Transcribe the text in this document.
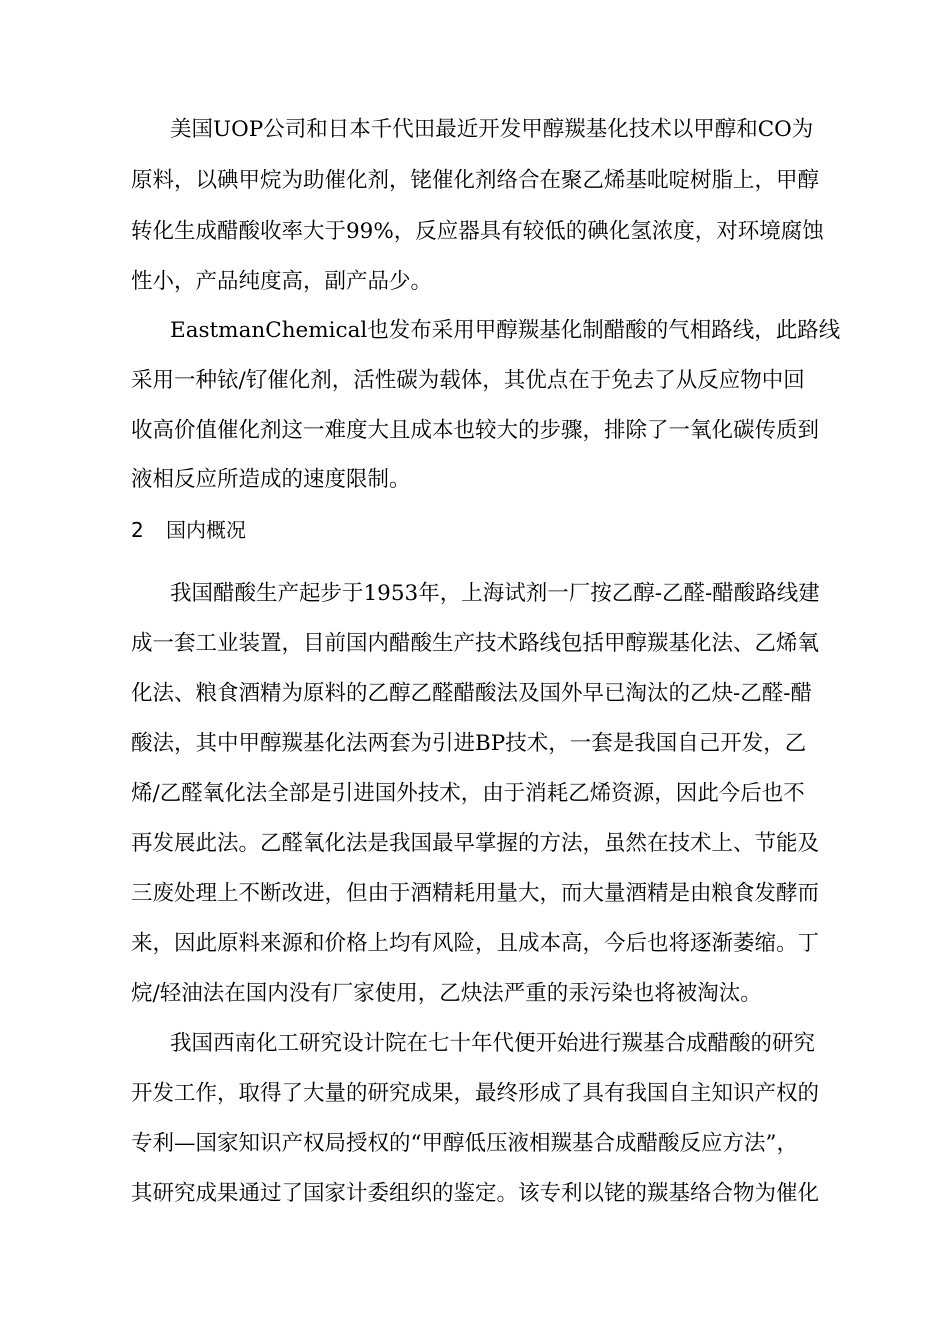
美国UOP公司和日本千代田最近开发甲醇羰基化技术以甲醇和CO为
原料，以碘甲烷为助催化剂，铑催化剂络合在聚乙烯基吡啶树脂上，甲醇
转化生成醋酸收率大于99%，反应器具有较低的碘化氢浓度，对环境腐蚀
性小，产品纯度高，副产品少。
EastmanChemical也发布采用甲醇羰基化制醋酸的气相路线，此路线
采用一种铱/钌催化剂，活性碳为载体，其优点在于免去了从反应物中回
收高价值催化剂这一难度大且成本也较大的步骤，排除了一氧化碳传质到
液相反应所造成的速度限制。
2 国内概况
我国醋酸生产起步于1953年，上海试剂一厂按乙醇-乙醛-醋酸路线建
成一套工业装置，目前国内醋酸生产技术路线包括甲醇羰基化法、乙烯氧
化法、粮食酒精为原料的乙醇乙醛醋酸法及国外早已淘汰的乙炔-乙醛-醋
酸法，其中甲醇羰基化法两套为引进BP技术，一套是我国自己开发，乙
烯/乙醛氧化法全部是引进国外技术，由于消耗乙烯资源，因此今后也不
再发展此法。乙醛氧化法是我国最早掌握的方法，虽然在技术上、节能及
三废处理上不断改进，但由于酒精耗用量大，而大量酒精是由粮食发酵而
来，因此原料来源和价格上均有风险，且成本高，今后也将逐渐萎缩。丁
烷/轻油法在国内没有厂家使用，乙炔法严重的汞污染也将被淘汰。
我国西南化工研究设计院在七十年代便开始进行羰基合成醋酸的研究
开发工作，取得了大量的研究成果，最终形成了具有我国自主知识产权的
专利—国家知识产权局授权的“甲醇低压液相羰基合成醋酸反应方法”，
其研究成果通过了国家计委组织的鉴定。该专利以铑的羰基络合物为催化
